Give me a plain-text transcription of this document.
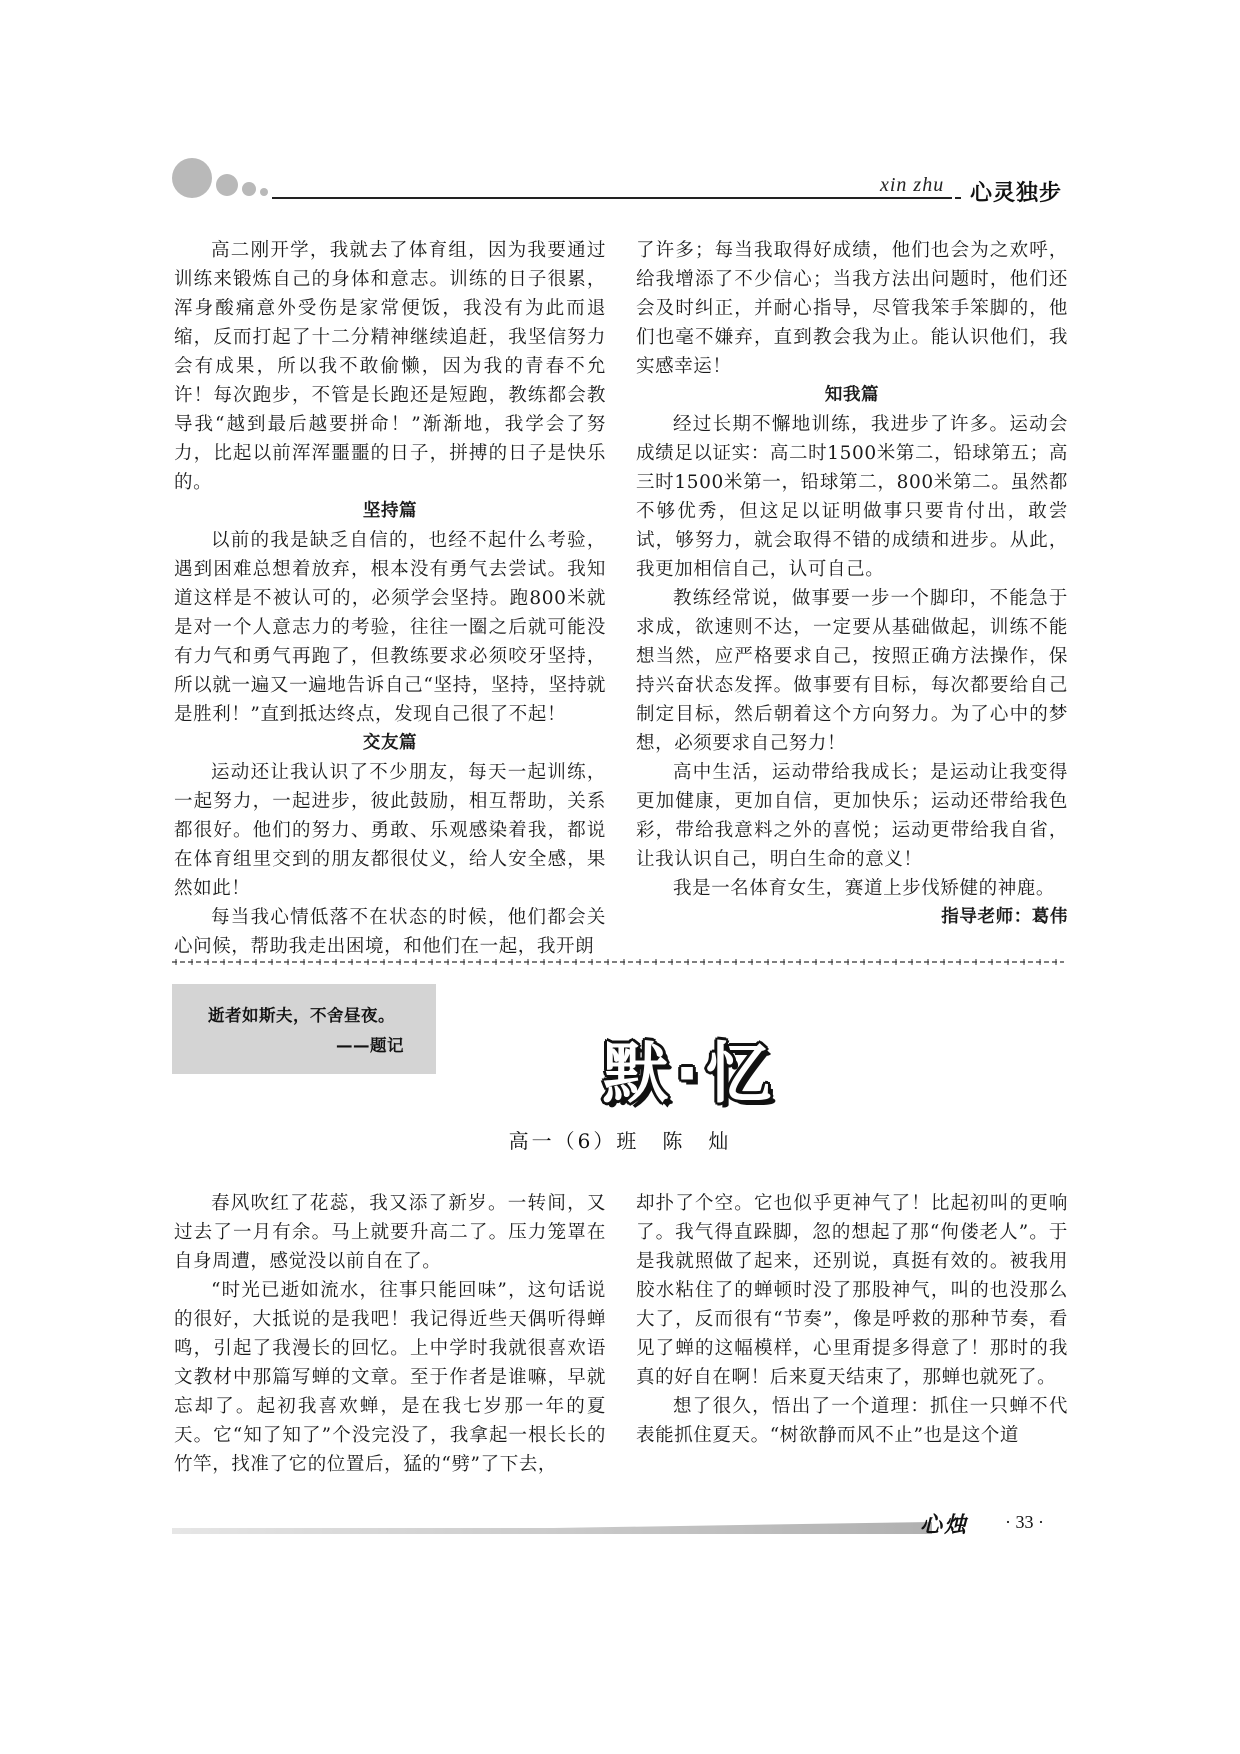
xin zhu 心灵独步

高二刚开学，我就去了体育组，因为我要通过训练来锻炼自己的身体和意志。训练的日子很累，浑身酸痛意外受伤是家常便饭，我没有为此而退缩，反而打起了十二分精神继续追赶，我坚信努力会有成果，所以我不敢偷懒，因为我的青春不允许！每次跑步，不管是长跑还是短跑，教练都会教导我“越到最后越要拼命！”渐渐地，我学会了努力，比起以前浑浑噩噩的日子，拼搏的日子是快乐的。

坚持篇

以前的我是缺乏自信的，也经不起什么考验，遇到困难总想着放弃，根本没有勇气去尝试。我知道这样是不被认可的，必须学会坚持。跑800米就是对一个人意志力的考验，往往一圈之后就可能没有力气和勇气再跑了，但教练要求必须咬牙坚持，所以就一遍又一遍地告诉自己“坚持，坚持，坚持就是胜利！”直到抵达终点，发现自己很了不起！

交友篇

运动还让我认识了不少朋友，每天一起训练，一起努力，一起进步，彼此鼓励，相互帮助，关系都很好。他们的努力、勇敢、乐观感染着我，都说在体育组里交到的朋友都很仗义，给人安全感，果然如此！

每当我心情低落不在状态的时候，他们都会关心问候，帮助我走出困境，和他们在一起，我开朗

了许多；每当我取得好成绩，他们也会为之欢呼，给我增添了不少信心；当我方法出问题时，他们还会及时纠正，并耐心指导，尽管我笨手笨脚的，他们也毫不嫌弃，直到教会我为止。能认识他们，我实感幸运！

知我篇

经过长期不懈地训练，我进步了许多。运动会成绩足以证实：高二时1500米第二，铅球第五；高三时1500米第一，铅球第二，800米第二。虽然都不够优秀，但这足以证明做事只要肯付出，敢尝试，够努力，就会取得不错的成绩和进步。从此，我更加相信自己，认可自己。

教练经常说，做事要一步一个脚印，不能急于求成，欲速则不达，一定要从基础做起，训练不能想当然，应严格要求自己，按照正确方法操作，保持兴奋状态发挥。做事要有目标，每次都要给自己制定目标，然后朝着这个方向努力。为了心中的梦想，必须要求自己努力！

高中生活，运动带给我成长；是运动让我变得更加健康，更加自信，更加快乐；运动还带给我色彩，带给我意料之外的喜悦；运动更带给我自省，让我认识自己，明白生命的意义！

我是一名体育女生，赛道上步伐矫健的神鹿。

指导老师：葛伟

逝者如斯夫，不舍昼夜。
——题记	默·忆
高一（6）班　陈　灿

春风吹红了花蕊，我又添了新岁。一转间，又过去了一月有余。马上就要升高二了。压力笼罩在自身周遭，感觉没以前自在了。

“时光已逝如流水，往事只能回味”，这句话说的很好，大抵说的是我吧！我记得近些天偶听得蝉鸣，引起了我漫长的回忆。上中学时我就很喜欢语文教材中那篇写蝉的文章。至于作者是谁嘛，早就忘却了。起初我喜欢蝉，是在我七岁那一年的夏天。它“知了知了”个没完没了，我拿起一根长长的竹竿，找准了它的位置后，猛的“劈”了下去，

却扑了个空。它也似乎更神气了！比起初叫的更响了。我气得直跺脚，忽的想起了那“佝偻老人”。于是我就照做了起来，还别说，真挺有效的。被我用胶水粘住了的蝉顿时没了那股神气，叫的也没那么大了，反而很有“节奏”，像是呼救的那种节奏，看见了蝉的这幅模样，心里甭提多得意了！那时的我真的好自在啊！后来夏天结束了，那蝉也就死了。

想了很久，悟出了一个道理：抓住一只蝉不代表能抓住夏天。“树欲静而风不止”也是这个道

心烛 · 33 ·
